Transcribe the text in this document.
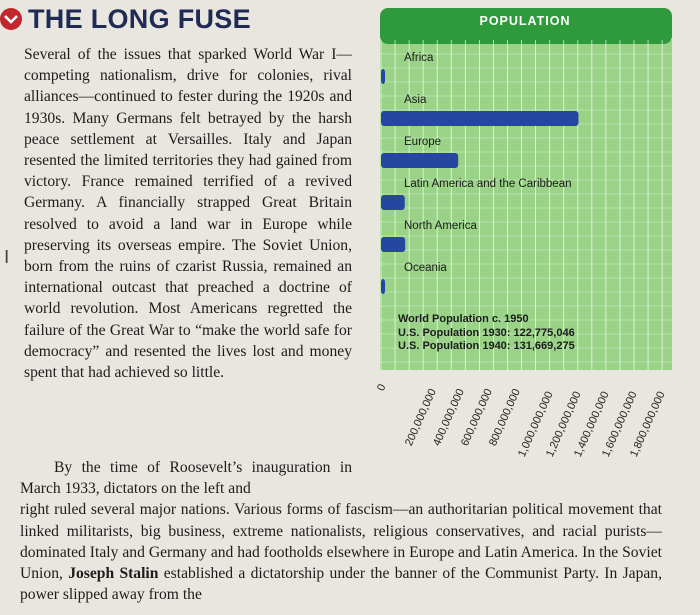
THE LONG FUSE
I

Several of the issues that sparked World War I—competing nationalism, drive for colonies, rival alliances—continued to fester during the 1920s and 1930s. Many Germans felt betrayed by the harsh peace settlement at Versailles. Italy and Japan resented the limited territories they had gained from victory. France remained terrified of a revived Germany. A financially strapped Great Britain resolved to avoid a land war in Europe while preserving its overseas empire. The Soviet Union, born from the ruins of czarist Russia, remained an international outcast that preached a doctrine of world revolution. Most Americans regretted the failure of the Great War to “make the world safe for democracy” and resented the lives lost and money spent that had achieved so little.

POPULATION
Africa
Asia
Europe
Latin America and the Caribbean
North America
Oceania
World Population c. 1950
U.S. Population 1930: 122,775,046
U.S. Population 1940: 131,669,275
0
200,000,000
400,000,000
600,000,000
800,000,000
1,000,000,000
1,200,000,000
1,400,000,000
1,600,000,000
1,800,000,000

By the time of Roosevelt’s inauguration in March 1933, dictators on the left and

right ruled several major nations. Various forms of fascism—an authoritarian political movement that linked militarists, big business, extreme nationalists, religious conservatives, and racial purists—dominated Italy and Germany and had footholds elsewhere in Europe and Latin America. In the Soviet Union, Joseph Stalin established a dictatorship under the banner of the Communist Party. In Japan, power slipped away from the
